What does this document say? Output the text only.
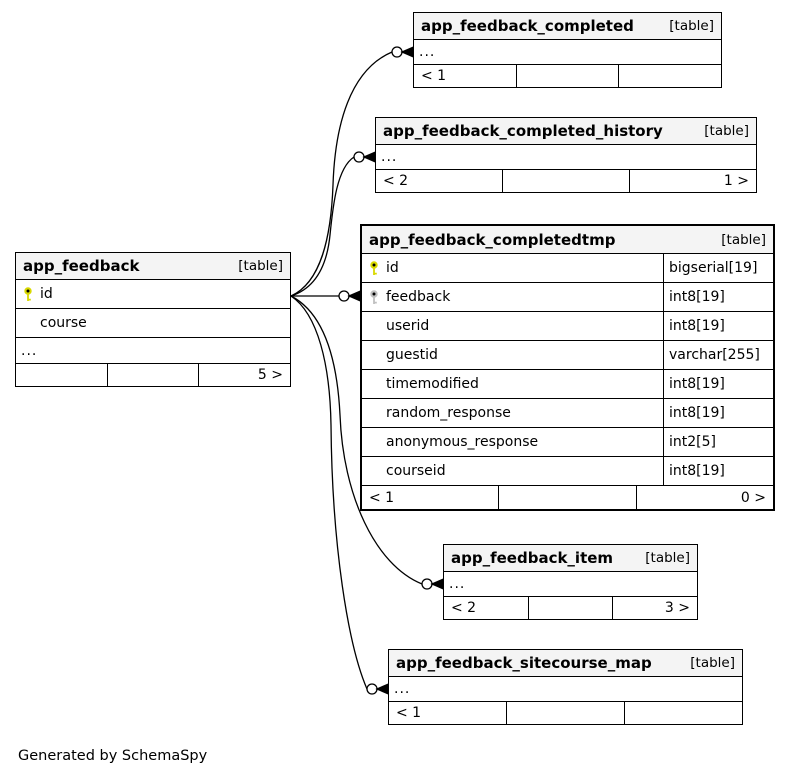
app_feedback_completed	[table]
...
< 1
app_feedback_completed_history	[table]
...
< 2	1 >
app_feedback_completedtmp	[table]
id	bigserial[19]
feedback	int8[19]
userid	int8[19]
guestid	varchar[255]
timemodified	int8[19]
random_response	int8[19]
anonymous_response	int2[5]
courseid	int8[19]
< 1	0 >
app_feedback	[table]
id
course
...
5 >
app_feedback_item [table]
...
< 2	3 >
app_feedback_sitecourse_map	[table]
...
< 1
Generated by SchemaSpy
